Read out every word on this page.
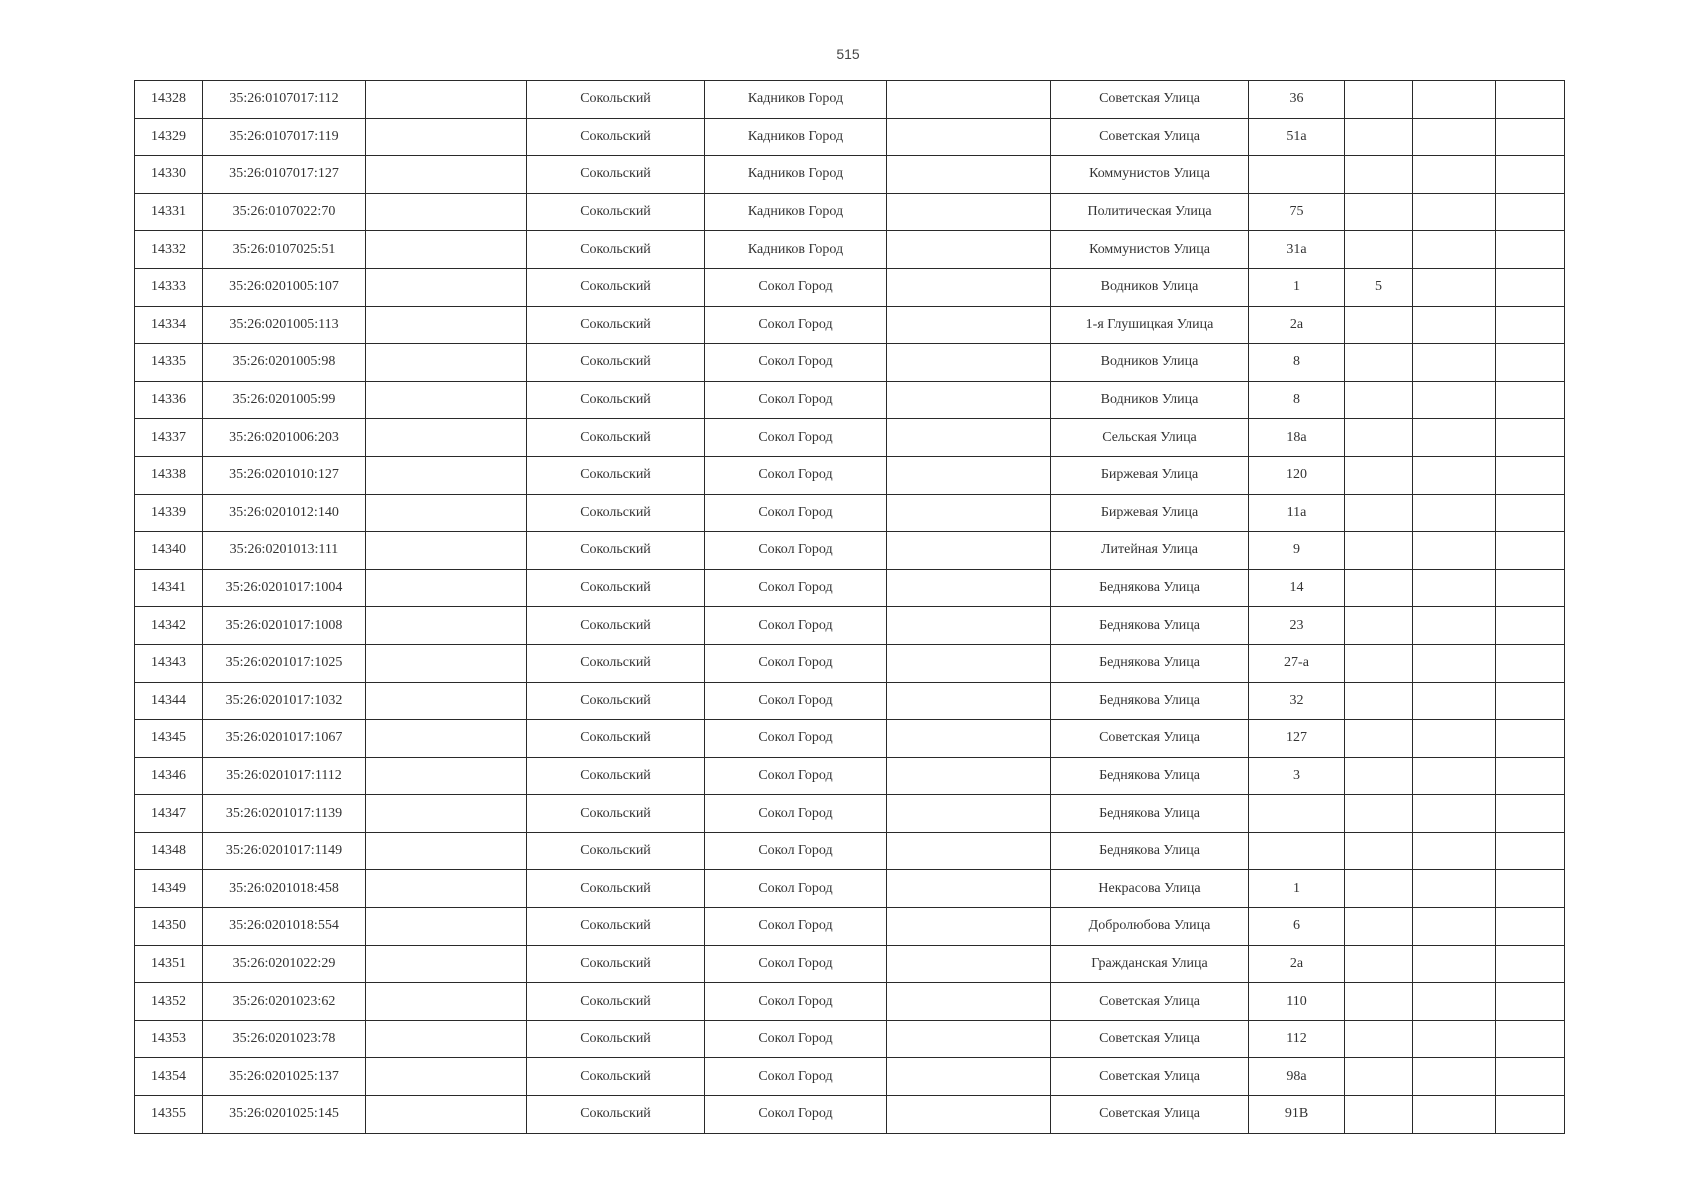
515
14328	35:26:0107017:112		Сокольский	Кадников Город		Советская Улица	36			
14329	35:26:0107017:119		Сокольский	Кадников Город		Советская Улица	51а			
14330	35:26:0107017:127		Сокольский	Кадников Город		Коммунистов Улица				
14331	35:26:0107022:70		Сокольский	Кадников Город		Политическая Улица	75			
14332	35:26:0107025:51		Сокольский	Кадников Город		Коммунистов Улица	31а			
14333	35:26:0201005:107		Сокольский	Сокол Город		Водников Улица	1	5		
14334	35:26:0201005:113		Сокольский	Сокол Город		1-я Глушицкая Улица	2а			
14335	35:26:0201005:98		Сокольский	Сокол Город		Водников Улица	8			
14336	35:26:0201005:99		Сокольский	Сокол Город		Водников Улица	8			
14337	35:26:0201006:203		Сокольский	Сокол Город		Сельская Улица	18а			
14338	35:26:0201010:127		Сокольский	Сокол Город		Биржевая Улица	120			
14339	35:26:0201012:140		Сокольский	Сокол Город		Биржевая Улица	11а			
14340	35:26:0201013:111		Сокольский	Сокол Город		Литейная Улица	9			
14341	35:26:0201017:1004		Сокольский	Сокол Город		Беднякова Улица	14			
14342	35:26:0201017:1008		Сокольский	Сокол Город		Беднякова Улица	23			
14343	35:26:0201017:1025		Сокольский	Сокол Город		Беднякова Улица	27-а			
14344	35:26:0201017:1032		Сокольский	Сокол Город		Беднякова Улица	32			
14345	35:26:0201017:1067		Сокольский	Сокол Город		Советская Улица	127			
14346	35:26:0201017:1112		Сокольский	Сокол Город		Беднякова Улица	3			
14347	35:26:0201017:1139		Сокольский	Сокол Город		Беднякова Улица				
14348	35:26:0201017:1149		Сокольский	Сокол Город		Беднякова Улица				
14349	35:26:0201018:458		Сокольский	Сокол Город		Некрасова Улица	1			
14350	35:26:0201018:554		Сокольский	Сокол Город		Добролюбова Улица	6			
14351	35:26:0201022:29		Сокольский	Сокол Город		Гражданская Улица	2а			
14352	35:26:0201023:62		Сокольский	Сокол Город		Советская Улица	110			
14353	35:26:0201023:78		Сокольский	Сокол Город		Советская Улица	112			
14354	35:26:0201025:137		Сокольский	Сокол Город		Советская Улица	98а			
14355	35:26:0201025:145		Сокольский	Сокол Город		Советская Улица	91В			
